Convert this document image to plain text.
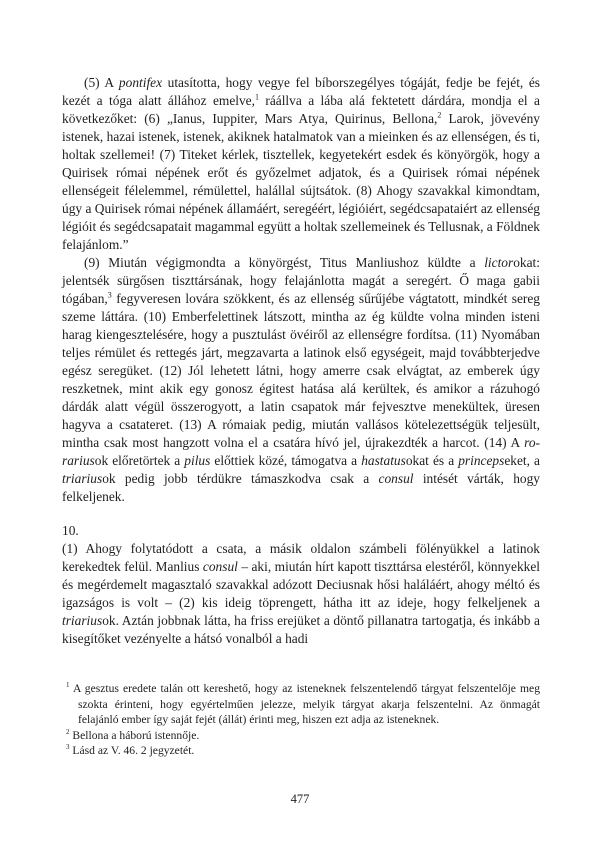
(5) A pontifex utasította, hogy vegye fel bíborszegélyes tógáját, fedje be fejét, és kezét a tóga alatt állához emelve,$^1$ ráállva a lába alá fektetett dárdára, mondja el a következőket: (6) „Ianus, Iuppiter, Mars Atya, Quirinus, Bellona,$^2$ Larok, jövevény istenek, hazai istenek, istenek, akiknek hatalmatok van a mieinken és az ellenségen, és ti, holtak szellemei! (7) Titeket kérlek, tisztellek, kegyetekért esdek és könyörgök, hogy a Quirisek római népének erőt és győzelmet adjatok, és a Quirisek római népének ellenségeit félelemmel, rémülettel, halállal sújtsátok. (8) Ahogy szavakkal kimondtam, úgy a Quirisek római népének államáért, seregéért, légióiért, segédcsapataiért az ellenség légióit és segédcsapatait magammal együtt a holtak szellemeinek és Tellusnak, a Földnek felajánlom.”

(9) Miután végigmondta a könyörgést, Titus Manliushoz küldte a lictorokat: jelentsék sürgősen tiszttársának, hogy felajánlotta magát a seregért. Ő maga gabii tógában,$^3$ fegyveresen lovára szökkent, és az ellenség sűrűjébe vágtatott, mindkét sereg szeme láttára. (10) Emberfelettinek látszott, mintha az ég küldte volna minden isteni harag kiengesztelésére, hogy a pusztulást övéiről az ellenségre fordítsa. (11) Nyomában teljes rémület és rettegés járt, megzavarta a latinok első egységeit, majd továbbterjedve egész seregüket. (12) Jól lehetett látni, hogy amerre csak elvágtat, az emberek úgy reszketnek, mint akik egy gonosz égitest hatása alá kerültek, és amikor a rázuhogó dárdák alatt végül összerogyott, a latin csapatok már fejvesztve menekültek, üresen hagyva a csatateret. (13) A rómaiak pedig, miután vallásos kötelezettségük teljesült, mintha csak most hangzott volna el a csatára hívó jel, újrakezdték a harcot. (14) A rorariusok előretörtek a pilus előttiek közé, támogatva a hastatusokat és a princepseket, a triariusok pedig jobb térdükre támaszkodva csak a consul intését várták, hogy felkeljenek.

10.

(1) Ahogy folytatódott a csata, a másik oldalon számbeli fölényükkel a latinok kerekedtek felül. Manlius consul – aki, miután hírt kapott tiszttársa elestéről, könnyekkel és megérdemelt magasztaló szavakkal adózott Deciusnak hősi haláláért, ahogy méltó és igazságos is volt – (2) kis ideig töprengett, hátha itt az ideje, hogy felkeljenek a triariusok. Aztán jobbnak látta, ha friss erejüket a döntő pillanatra tartogatja, és inkább a kisegítőket vezényelte a hátsó vonalból a hadi

$^1$ A gesztus eredete talán ott kereshető, hogy az isteneknek felszentelendő tárgyat felszentelője meg szokta érinteni, hogy egyértelműen jelezze, melyik tárgyat akarja felszentelni. Az önmagát felajánló ember így saját fejét (állát) érinti meg, hiszen ezt adja az isteneknek.

$^2$ Bellona a háború istennője.

$^3$ Lásd az V. 46. 2 jegyzetét.

477
